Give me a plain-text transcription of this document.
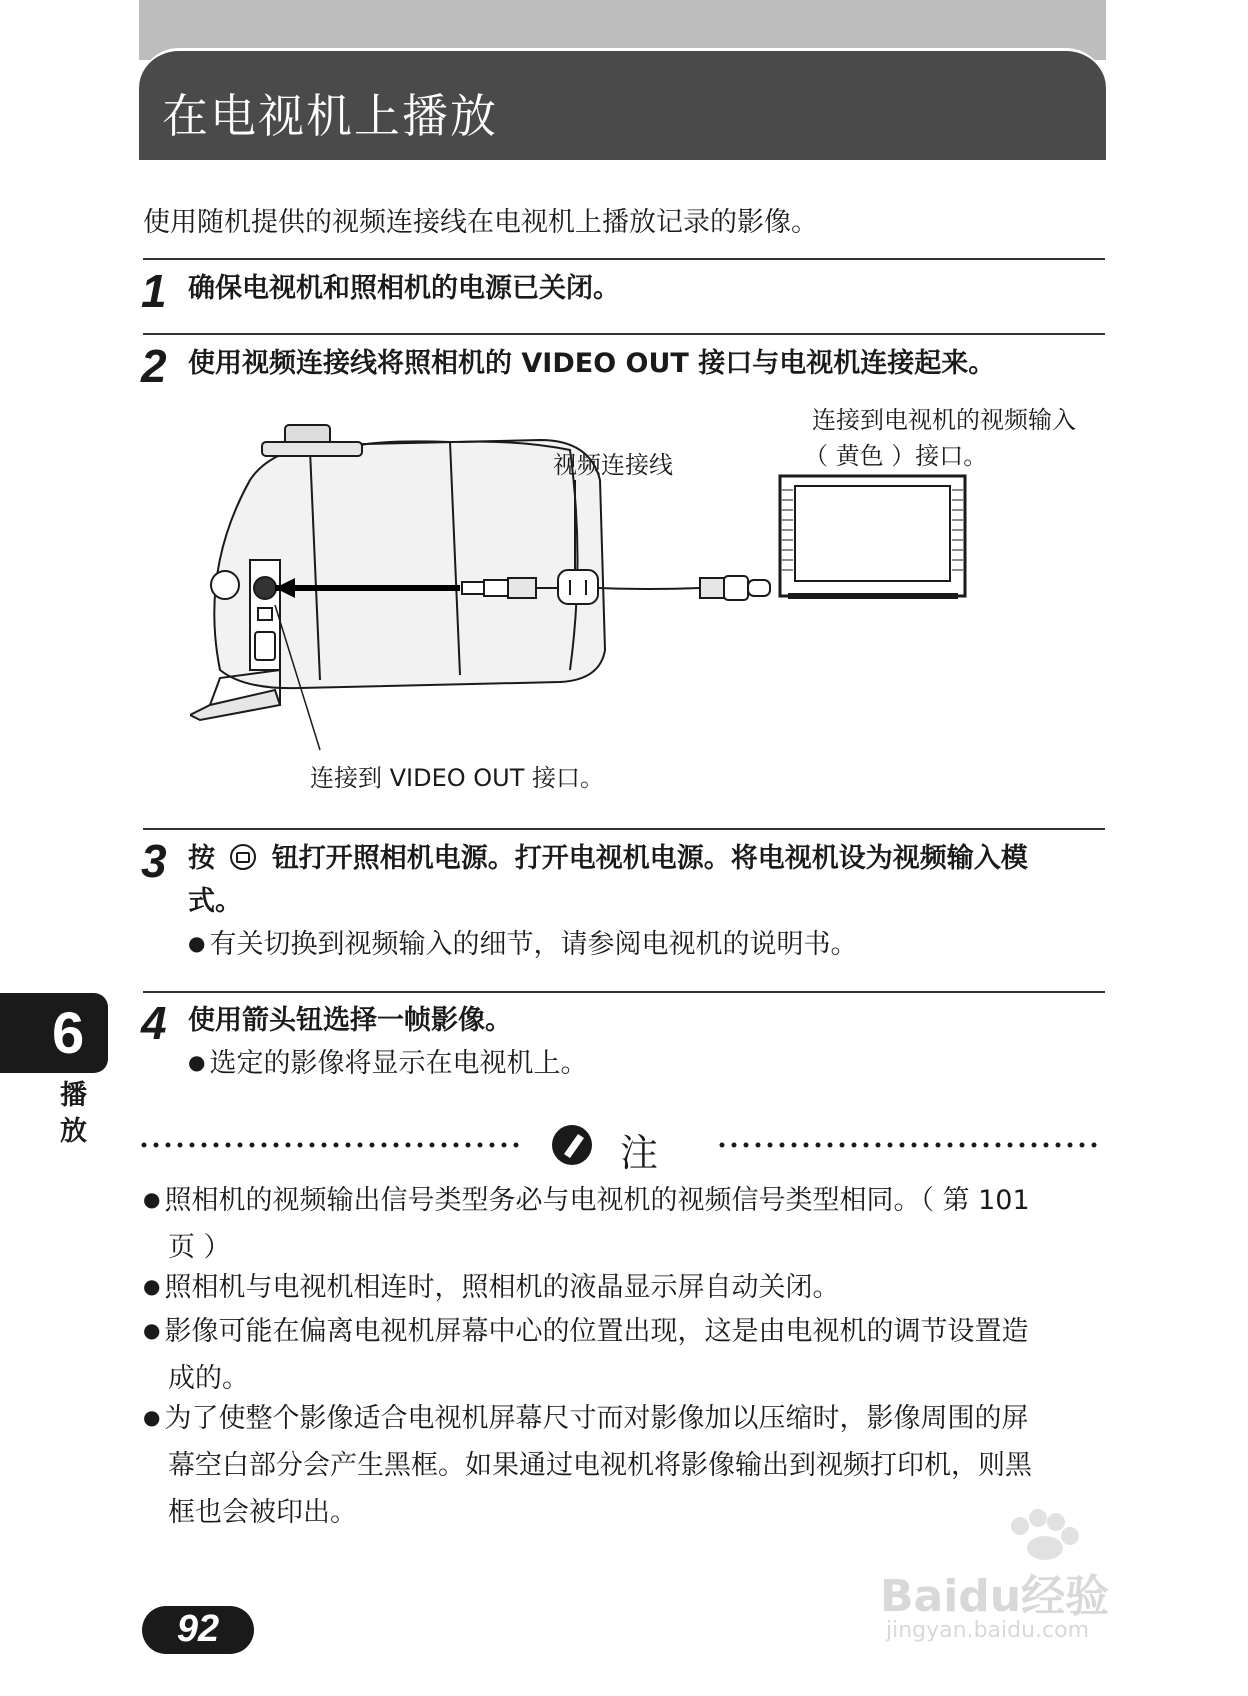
在电视机上播放
使用随机提供的视频连接线在电视机上播放记录的影像。
1 确保电视机和照相机的电源已关闭。
2 使用视频连接线将照相机的 VIDEO OUT 接口与电视机连接起来。
视频连接线
连接到电视机的视频输入
（ 黄色 ）接口。
连接到 VIDEO OUT 接口。
3 按 钮打开照相机电源。打开电视机电源。将电视机设为视频输入模
式。
● 有关切换到视频输入的细节，请参阅电视机的说明书。
4 使用箭头钮选择一帧影像。
● 选定的影像将显示在电视机上。
6
播放	注
● 照相机的视频输出信号类型务必与电视机的视频信号类型相同。（ 第 101
页 ）
● 照相机与电视机相连时，照相机的液晶显示屏自动关闭。
● 影像可能在偏离电视机屏幕中心的位置出现，这是由电视机的调节设置造
成的。
● 为了使整个影像适合电视机屏幕尺寸而对影像加以压缩时，影像周围的屏
幕空白部分会产生黑框。如果通过电视机将影像输出到视频打印机，则黑
框也会被印出。
Baidu经验
jingyan.baidu.com
92
